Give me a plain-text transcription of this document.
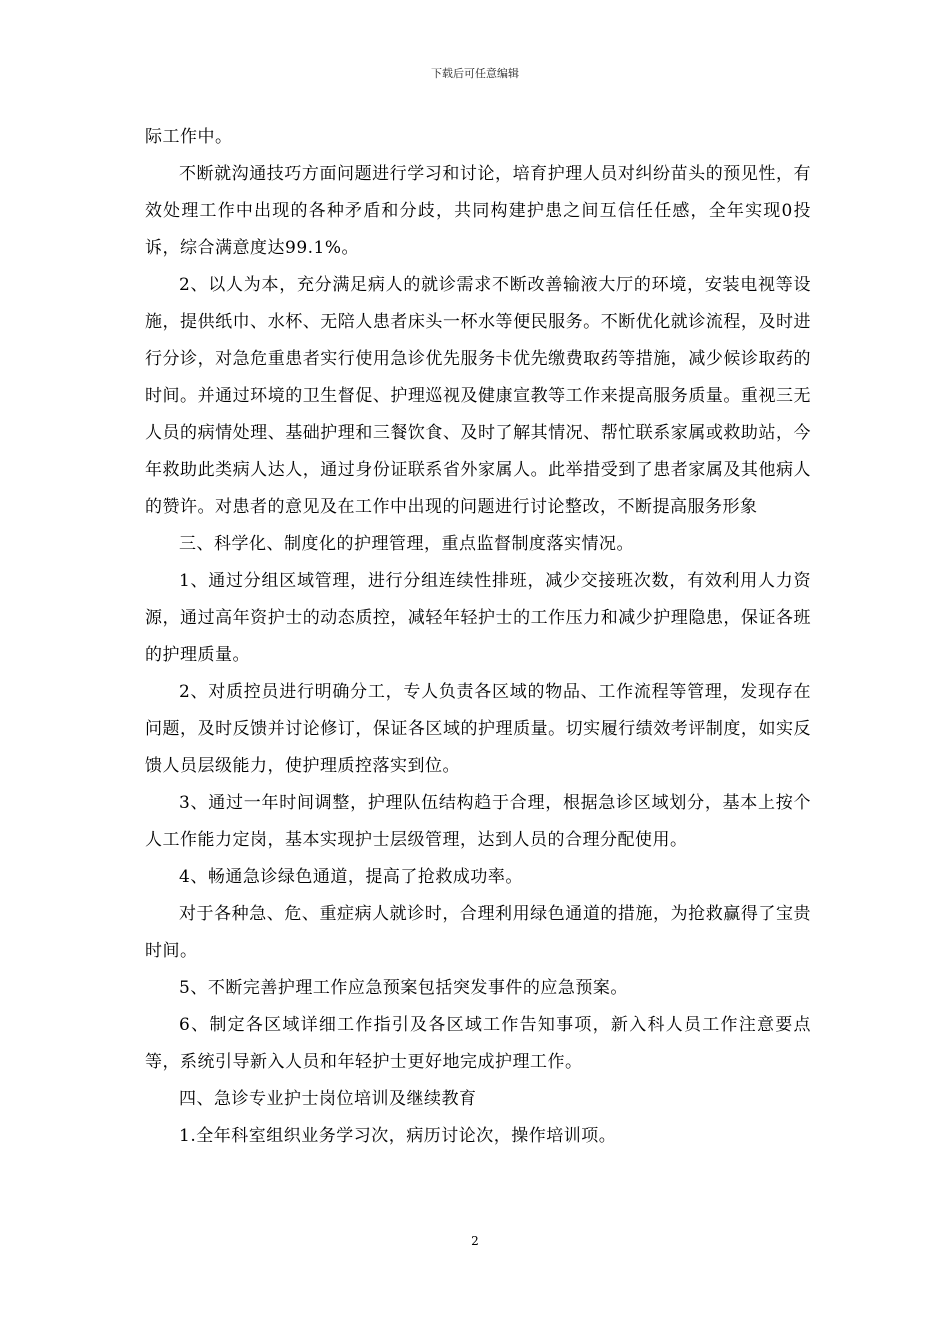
下载后可任意编辑

际工作中。

不断就沟通技巧方面问题进行学习和讨论，培育护理人员对纠纷苗头的预见性，有效处理工作中出现的各种矛盾和分歧，共同构建护患之间互信任任感，全年实现0投诉，综合满意度达99.1%。

2、以人为本，充分满足病人的就诊需求不断改善输液大厅的环境，安装电视等设施，提供纸巾、水杯、无陪人患者床头一杯水等便民服务。不断优化就诊流程，及时进行分诊，对急危重患者实行使用急诊优先服务卡优先缴费取药等措施，减少候诊取药的时间。并通过环境的卫生督促、护理巡视及健康宣教等工作来提高服务质量。重视三无人员的病情处理、基础护理和三餐饮食、及时了解其情况、帮忙联系家属或救助站，今年救助此类病人达人，通过身份证联系省外家属人。此举措受到了患者家属及其他病人的赞许。对患者的意见及在工作中出现的问题进行讨论整改，不断提高服务形象

三、科学化、制度化的护理管理，重点监督制度落实情况。

1、通过分组区域管理，进行分组连续性排班，减少交接班次数，有效利用人力资源，通过高年资护士的动态质控，减轻年轻护士的工作压力和减少护理隐患，保证各班的护理质量。

2、对质控员进行明确分工，专人负责各区域的物品、工作流程等管理，发现存在问题，及时反馈并讨论修订，保证各区域的护理质量。切实履行绩效考评制度，如实反馈人员层级能力，使护理质控落实到位。

3、通过一年时间调整，护理队伍结构趋于合理，根据急诊区域划分，基本上按个人工作能力定岗，基本实现护士层级管理，达到人员的合理分配使用。

4、畅通急诊绿色通道，提高了抢救成功率。

对于各种急、危、重症病人就诊时，合理利用绿色通道的措施，为抢救赢得了宝贵时间。

5、不断完善护理工作应急预案包括突发事件的应急预案。

6、制定各区域详细工作指引及各区域工作告知事项，新入科人员工作注意要点等，系统引导新入人员和年轻护士更好地完成护理工作。

四、急诊专业护士岗位培训及继续教育

1.全年科室组织业务学习次，病历讨论次，操作培训项。

2
